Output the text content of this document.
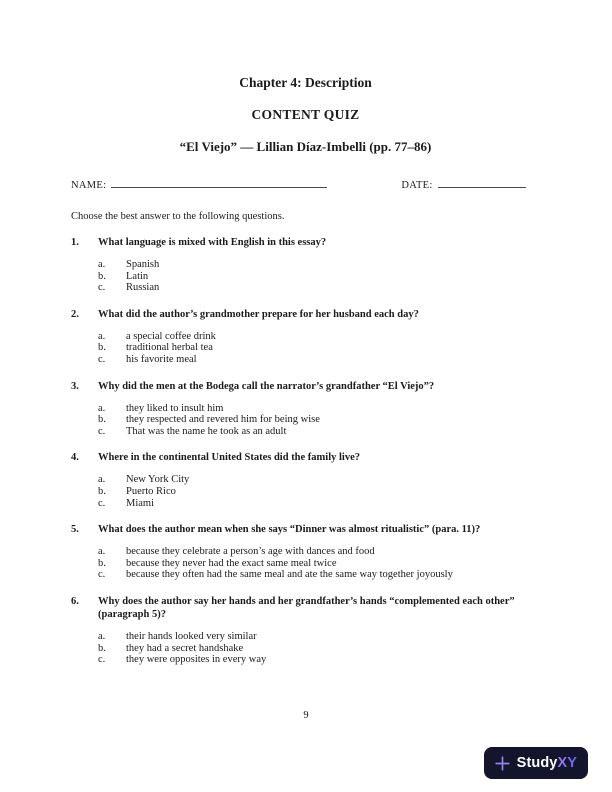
Chapter 4: Description
CONTENT QUIZ
“El Viejo” — Lillian Díaz-Imbelli (pp. 77–86)
NAME:	DATE:
Choose the best answer to the following questions.
1.	What language is mixed with English in this essay?
a.	Spanish
b.	Latin
c.	Russian
2.	What did the author’s grandmother prepare for her husband each day?
a.	a special coffee drink
b.	traditional herbal tea
c.	his favorite meal
3.	Why did the men at the Bodega call the narrator’s grandfather “El Viejo”?
a.	they liked to insult him
b.	they respected and revered him for being wise
c.	That was the name he took as an adult
4.	Where in the continental United States did the family live?
a.	New York City
b.	Puerto Rico
c.	Miami
5.	What does the author mean when she says “Dinner was almost ritualistic” (para. 11)?
a.	because they celebrate a person’s age with dances and food
b.	because they never had the exact same meal twice
c.	because they often had the same meal and ate the same way together joyously
6.	Why does the author say her hands and her grandfather’s hands “complemented each other” (paragraph 5)?
a.	their hands looked very similar
b.	they had a secret handshake
c.	they were opposites in every way
9
Study XY
